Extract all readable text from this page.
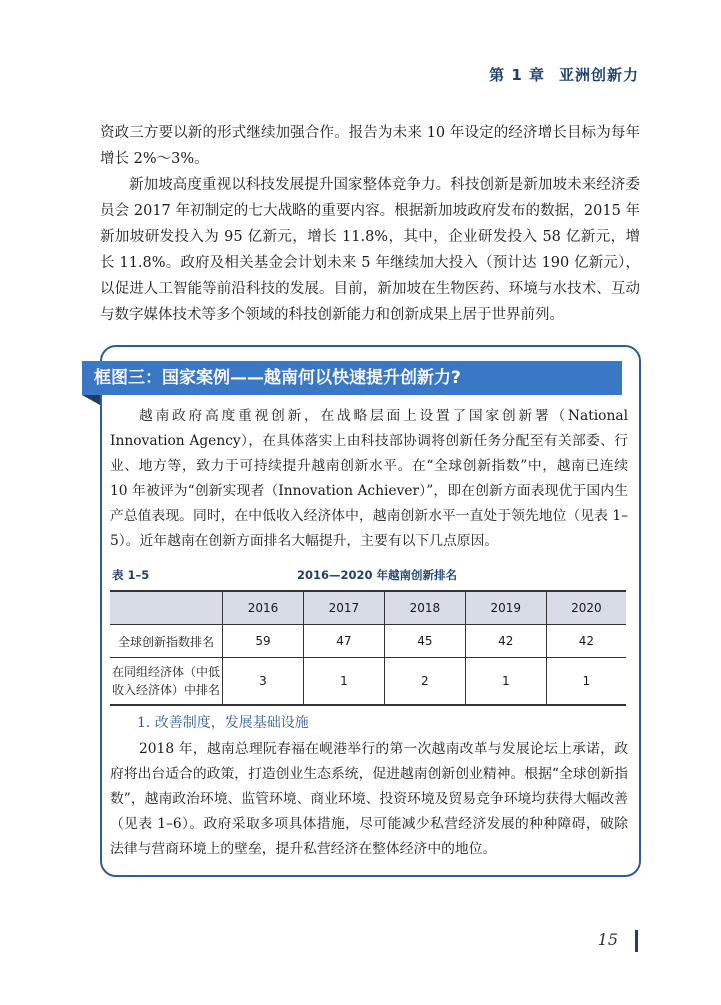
第 1 章 亚洲创新力

资政三方要以新的形式继续加强合作。报告为未来 10 年设定的经济增长目标为每年增长 2%～3%。

新加坡高度重视以科技发展提升国家整体竞争力。科技创新是新加坡未来经济委员会 2017 年初制定的七大战略的重要内容。根据新加坡政府发布的数据，2015 年新加坡研发投入为 95 亿新元，增长 11.8%，其中，企业研发投入 58 亿新元，增长 11.8%。政府及相关基金会计划未来 5 年继续加大投入（预计达 190 亿新元），以促进人工智能等前沿科技的发展。目前，新加坡在生物医药、环境与水技术、互动与数字媒体技术等多个领域的科技创新能力和创新成果上居于世界前列。

框图三：国家案例——越南何以快速提升创新力?

越南政府高度重视创新，在战略层面上设置了国家创新署（National Innovation Agency），在具体落实上由科技部协调将创新任务分配至有关部委、行业、地方等，致力于可持续提升越南创新水平。在“全球创新指数”中，越南已连续 10 年被评为“创新实现者（Innovation Achiever）”，即在创新方面表现优于国内生产总值表现。同时，在中低收入经济体中，越南创新水平一直处于领先地位（见表 1–5）。近年越南在创新方面排名大幅提升，主要有以下几点原因。

表 1–5	2016—2020 年越南创新排名
	2016	2017	2018	2019	2020
全球创新指数排名	59	47	45	42	42
在同组经济体（中低收入经济体）中排名	3	1	2	1	1
1. 改善制度，发展基础设施

2018 年，越南总理阮春福在岘港举行的第一次越南改革与发展论坛上承诺，政府将出台适合的政策，打造创业生态系统，促进越南创新创业精神。根据“全球创新指数”，越南政治环境、监管环境、商业环境、投资环境及贸易竞争环境均获得大幅改善（见表 1–6）。政府采取多项具体措施，尽可能减少私营经济发展的种种障碍，破除法律与营商环境上的壁垒，提升私营经济在整体经济中的地位。

15
